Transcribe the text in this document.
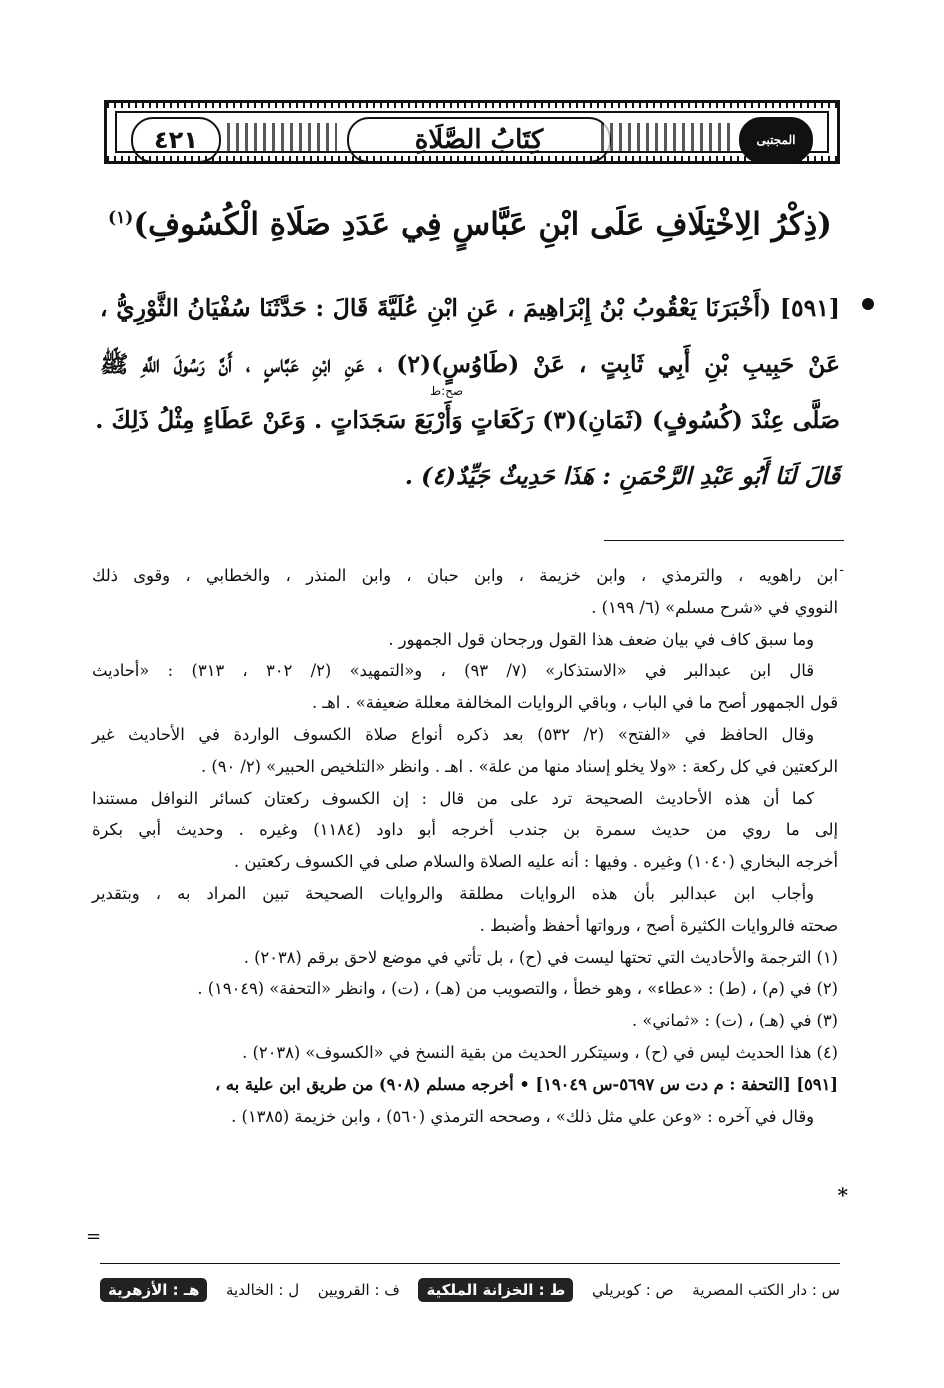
٤٢١	كِتَابُ الصَّلَاةِ	المجتبى
(ذِكْرُ الِاخْتِلَافِ عَلَى ابْنِ عَبَّاسٍ فِي عَدَدِ صَلَاةِ الْكُسُوفِ)$^{(١)}$
[٥٩١] (أَخْبَرَنَا يَعْقُوبُ بْنُ إِبْرَاهِيمَ ، عَنِ ابْنِ عُلَيَّةَ قَالَ : حَدَّثَنَا سُفْيَانُ الثَّوْرِيُّ ،
عَنْ حَبِيبِ بْنِ أَبِي ثَابِتٍ ، عَنْ (طَاوُسٍ)(٢) ، عَنِ ابْنِ عَبَّاسٍ ، أَنَّ رَسُولَ اللَّهِ ﷺ
صَلَّى عِنْدَ (كُسُوفٍ) (ثَمَانِ)(٣) رَكَعَاتٍ وَأَرْبَعَ سَجَدَاتٍ . وَعَنْ عَطَاءٍ مِثْلُ ذَلِكَ .
قَالَ لَنَا أَبُو عَبْدِ الرَّحْمَنِ : هَذَا حَدِيثٌ جَيِّدٌ(٤) .
صح:ط
-
ابن راهويه ، والترمذي ، وابن خزيمة ، وابن حبان ، وابن المنذر ، والخطابي ، وقوى ذلك
النووي في «شرح مسلم» (٦/ ١٩٩) .
وما سبق كاف في بيان ضعف هذا القول ورجحان قول الجمهور .
قال ابن عبدالبر في «الاستذكار» (٧/ ٩٣) ، و«التمهيد» (٢/ ٣٠٢ ، ٣١٣) : «أحاديث
قول الجمهور أصح ما في الباب ، وباقي الروايات المخالفة معللة ضعيفة» . اهـ .
وقال الحافظ في «الفتح» (٢/ ٥٣٢) بعد ذكره أنواع صلاة الكسوف الواردة في الأحاديث غير
الركعتين في كل ركعة : «ولا يخلو إسناد منها من علة» . اهـ . وانظر «التلخيص الحبير» (٢/ ٩٠) .
كما أن هذه الأحاديث الصحيحة ترد على من قال : إن الكسوف ركعتان كسائر النوافل مستندا
إلى ما روي من حديث سمرة بن جندب أخرجه أبو داود (١١٨٤) وغيره . وحديث أبي بكرة
أخرجه البخاري (١٠٤٠) وغيره . وفيها : أنه عليه الصلاة والسلام صلى في الكسوف ركعتين .
وأجاب ابن عبدالبر بأن هذه الروايات مطلقة والروايات الصحيحة تبين المراد به ، وبتقدير
صحته فالروايات الكثيرة أصح ، ورواتها أحفظ وأضبط .
(١) الترجمة والأحاديث التي تحتها ليست في (ح) ، بل تأتي في موضع لاحق برقم (٢٠٣٨) .
(٢) في (م) ، (ط) : «عطاء» ، وهو خطأ ، والتصويب من (هـ) ، (ت) ، وانظر «التحفة» (١٩٠٤٩) .
(٣) في (هـ) ، (ت) : «ثماني» .
(٤) هذا الحديث ليس في (ح) ، وسيتكرر الحديث من بقية النسخ في «الكسوف» (٢٠٣٨) .
[٥٩١] [التحفة : م دت س ٥٦٩٧-س ١٩٠٤٩] • أخرجه مسلم (٩٠٨) من طريق ابن علية به ،
وقال في آخره : «وعن علي مثل ذلك» ، وصححه الترمذي (٥٦٠) ، وابن خزيمة (١٣٨٥) .
*
=
س : دار الكتب المصرية
ص : كوبريلي
ط : الخزانة الملكية
ف : القرويين
ل : الخالدية
هـ : الأزهرية
